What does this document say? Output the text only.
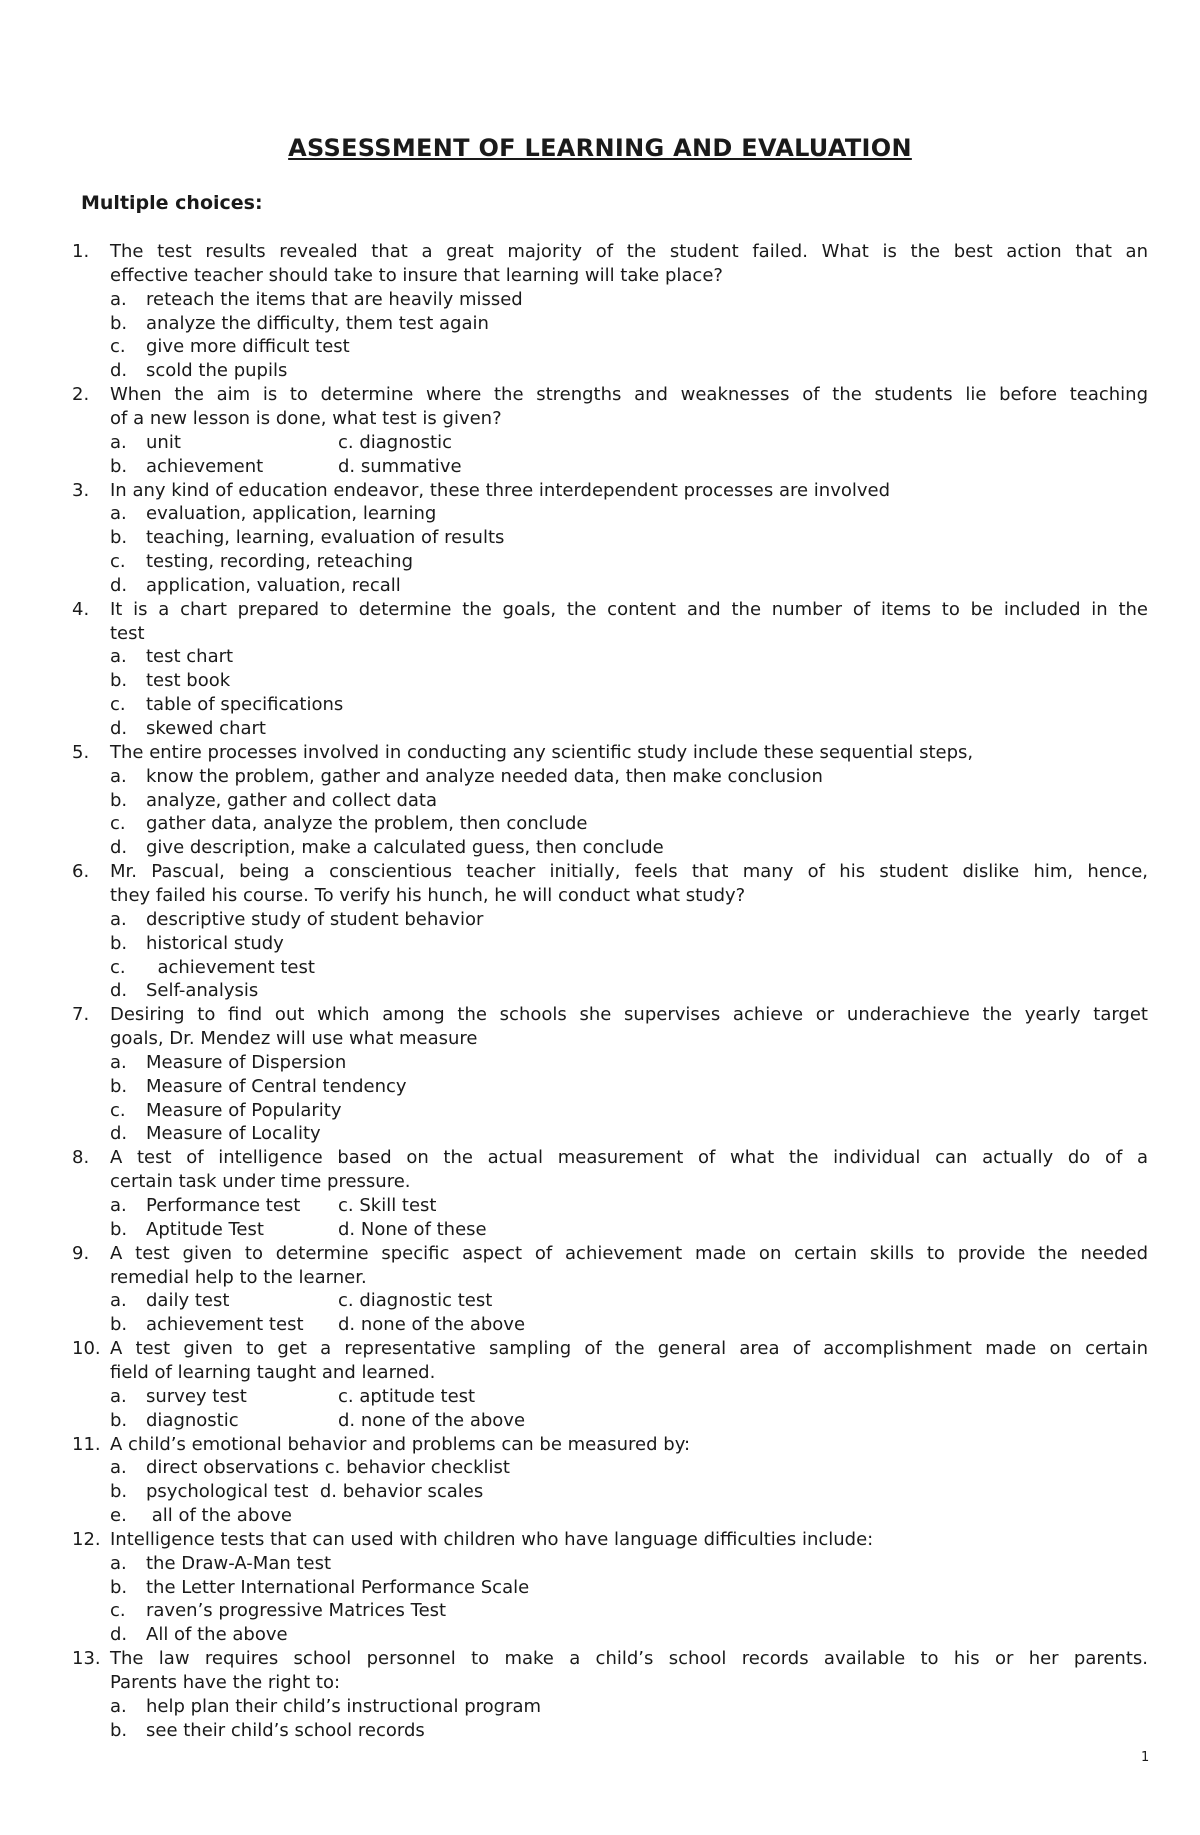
ASSESSMENT OF LEARNING AND EVALUATION
Multiple choices:
1. The test results revealed that a great majority of the student failed. What is the best action that an
effective teacher should take to insure that learning will take place?
a. reteach the items that are heavily missed
b. analyze the difficulty, them test again
c. give more difficult test
d. scold the pupils
2. When the aim is to determine where the strengths and weaknesses of the students lie before teaching
of a new lesson is done, what test is given?
a. unit	c. diagnostic
b. achievement	d. summative
3. In any kind of education endeavor, these three interdependent processes are involved
a. evaluation, application, learning
b. teaching, learning, evaluation of results
c. testing, recording, reteaching
d. application, valuation, recall
4. It is a chart prepared to determine the goals, the content and the number of items to be included in the
test
a. test chart
b. test book
c. table of specifications
d. skewed chart
5. The entire processes involved in conducting any scientific study include these sequential steps,
a. know the problem, gather and analyze needed data, then make conclusion
b. analyze, gather and collect data
c. gather data, analyze the problem, then conclude
d. give description, make a calculated guess, then conclude
6. Mr. Pascual, being a conscientious teacher initially, feels that many of his student dislike him, hence,
they failed his course. To verify his hunch, he will conduct what study?
a. descriptive study of student behavior
b. historical study
c. achievement test
d. Self-analysis
7. Desiring to find out which among the schools she supervises achieve or underachieve the yearly target
goals, Dr. Mendez will use what measure
a. Measure of Dispersion
b. Measure of Central tendency
c. Measure of Popularity
d. Measure of Locality
8. A test of intelligence based on the actual measurement of what the individual can actually do of a
certain task under time pressure.
a. Performance test c. Skill test
b. Aptitude Test	d. None of these
9. A test given to determine specific aspect of achievement made on certain skills to provide the needed
remedial help to the learner.
a. daily test	c. diagnostic test
b. achievement test d. none of the above
10. A test given to get a representative sampling of the general area of accomplishment made on certain
field of learning taught and learned.
a. survey test	c. aptitude test
b. diagnostic	d. none of the above
11. A child’s emotional behavior and problems can be measured by:
a. direct observations c. behavior checklist
b. psychological test  d. behavior scales
e. all of the above
12. Intelligence tests that can used with children who have language difficulties include:
a. the Draw-A-Man test
b. the Letter International Performance Scale
c. raven’s progressive Matrices Test
d. All of the above
13. The law requires school personnel to make a child’s school records available to his or her parents.
Parents have the right to:
a. help plan their child’s instructional program
b. see their child’s school records
1
